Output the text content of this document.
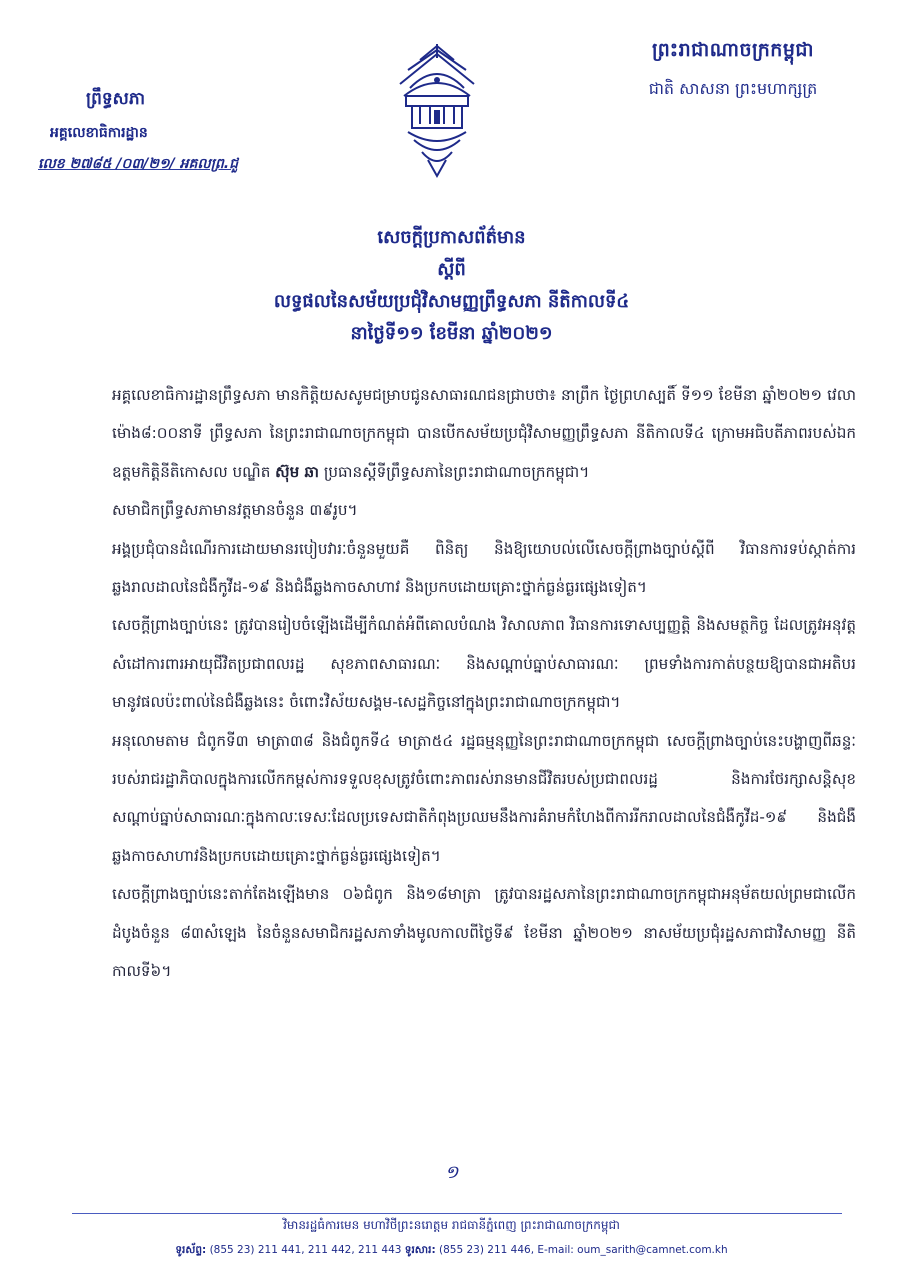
ព្រះរាជាណាចក្រកម្ពុជា
ជាតិ សាសនា ព្រះមហាក្សត្រ
ព្រឹទ្ធសភា
អគ្គលេខាធិការដ្ឋាន
លេខ ២៧៨៥ /០៣/២១/ អគលព្រ.ជួ
សេចក្តីប្រកាសព័ត៌មាន
ស្តីពី
លទ្ធផលនៃសម័យប្រជុំវិសាមញ្ញព្រឹទ្ធសភា នីតិកាលទី៤
នាថ្ងៃទី១១ ខែមីនា ឆ្នាំ២០២១

អគ្គលេខាធិការដ្ឋានព្រឹទ្ធសភា មានកិត្តិយសសូមជម្រាបជូនសាធារណជនជ្រាបថា៖ នាព្រឹក ថ្ងៃព្រហស្បតិ៍ ទី១១ ខែមីនា ឆ្នាំ២០២១ វេលាម៉ោង៨:០០នាទី ព្រឹទ្ធសភា នៃព្រះរាជាណាចក្រកម្ពុជា បានបើកសម័យប្រជុំវិសាមញ្ញព្រឹទ្ធសភា នីតិកាលទី៤ ក្រោមអធិបតីភាពរបស់ឯកឧត្តមកិត្តិនីតិកោសល បណ្ឌិត ស៊ុម ឆា ប្រធានស្តីទីព្រឹទ្ធសភានៃព្រះរាជាណាចក្រកម្ពុជា។

សមាជិកព្រឹទ្ធសភាមានវត្តមានចំនួន ៣៩រូប។

អង្គប្រជុំបានដំណើរការដោយមានរបៀបវារៈចំនួនមួយគឺ ពិនិត្យ និងឱ្យយោបល់លើសេចក្តីព្រាងច្បាប់ស្តីពី វិធានការទប់ស្កាត់ការឆ្លងរាលដាលនៃជំងឺកូវីដ-១៩ និងជំងឺឆ្លងកាចសាហាវ និងប្រកបដោយគ្រោះថ្នាក់ធ្ងន់ធ្ងរផ្សេងទៀត។

សេចក្តីព្រាងច្បាប់នេះ ត្រូវបានរៀបចំឡើងដើម្បីកំណត់អំពីគោលបំណង វិសាលភាព វិធានការទោសប្បញ្ញត្តិ និងសមត្ថកិច្ច ដែលត្រូវអនុវត្តសំដៅការពារអាយុជីវិតប្រជាពលរដ្ឋ សុខភាពសាធារណៈ និងសណ្តាប់ធ្នាប់សាធារណៈ ព្រមទាំងការកាត់បន្ថយឱ្យបានជាអតិបរមានូវផលប៉ះពាល់នៃជំងឺឆ្លងនេះ ចំពោះវិស័យសង្គម-សេដ្ឋកិច្ចនៅក្នុងព្រះរាជាណាចក្រកម្ពុជា។

អនុលោមតាម ជំពូកទី៣ មាត្រា៣៨ និងជំពូកទី៤ មាត្រា៥៤ រដ្ឋធម្មនុញ្ញនៃព្រះរាជាណាចក្រកម្ពុជា សេចក្តីព្រាងច្បាប់នេះបង្ហាញពីឆន្ទៈរបស់រាជរដ្ឋាភិបាលក្នុងការលើកកម្ពស់ការទទួលខុសត្រូវចំពោះភាពរស់រានមានជីវិតរបស់ប្រជាពលរដ្ឋ និងការថែរក្សាសន្តិសុខ សណ្តាប់ធ្នាប់សាធារណៈក្នុងកាលៈទេសៈដែលប្រទេសជាតិកំពុងប្រឈមនឹងការគំរាមកំហែងពីការរីករាលដាលនៃជំងឺកូវីដ-១៩ និងជំងឺឆ្លងកាចសាហាវនិងប្រកបដោយគ្រោះថ្នាក់ធ្ងន់ធ្ងរផ្សេងទៀត។

សេចក្តីព្រាងច្បាប់នេះតាក់តែងឡើងមាន ០៦ជំពូក និង១៨មាត្រា ត្រូវបានរដ្ឋសភានៃព្រះរាជាណាចក្រកម្ពុជាអនុម័តយល់ព្រមជាលើកដំបូងចំនួន ៨៣សំឡេង នៃចំនួនសមាជិករដ្ឋសភាទាំងមូលកាលពីថ្ងៃទី៩ ខែមីនា ឆ្នាំ២០២១ នាសម័យប្រជុំរដ្ឋសភាជាវិសាមញ្ញ នីតិកាលទី៦។

១
វិមានរដ្ឋធំការមេន មហាវិថីព្រះនរោត្តម រាជធានីភ្នំពេញ ព្រះរាជាណាចក្រកម្ពុជា
ទូរស័ព្ទ: (855 23) 211 441, 211 442, 211 443 ទូរសារ: (855 23) 211 446, E-mail: oum_sarith@camnet.com.kh
